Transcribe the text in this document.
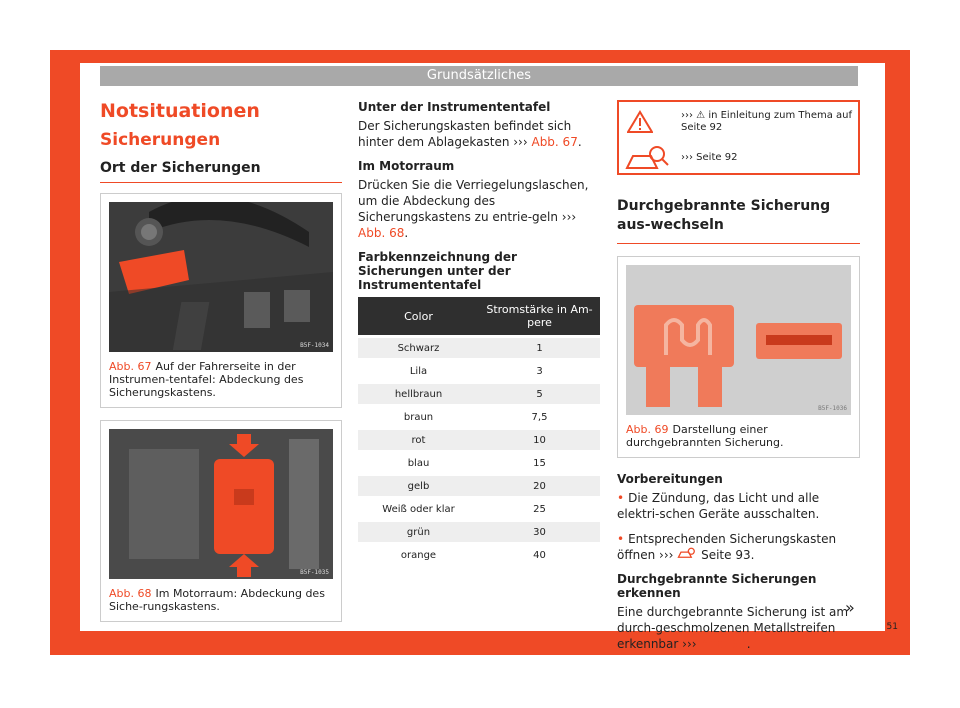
Grundsätzliches
Notsituationen
Sicherungen
Ort der Sicherungen
B5F-1034
Abb. 67 Auf der Fahrerseite in der Instrumen-tentafel: Abdeckung des Sicherungskastens.
B5F-1035
Abb. 68 Im Motorraum: Abdeckung des Siche-rungskastens.
Unter der Instrumententafel

Der Sicherungskasten befindet sich hinter dem Ablagekasten ››› Abb. 67.

Im Motorraum

Drücken Sie die Verriegelungslaschen, um die Abdeckung des Sicherungskastens zu entrie-geln ››› Abb. 68.

Farbkennzeichnung der Sicherungen unter der Instrumententafel
Color	Stromstärke in Am-pere
Schwarz	1
Lila	3
hellbraun	5
braun	7,5
rot	10
blau	15
gelb	20
Weiß oder klar	25
grün	30
orange	40
››› ⚠ in Einleitung zum Thema auf
Seite 92
››› Seite 92
Durchgebrannte Sicherung aus-wechseln
B5F-1036
Abb. 69 Darstellung einer durchgebrannten Sicherung.
Vorbereitungen
• Die Zündung, das Licht und alle elektri-schen Geräte ausschalten.
• Entsprechenden Sicherungskasten öffnen ››› Seite 93.
Durchgebrannte Sicherungen erkennen

Eine durchgebrannte Sicherung ist am durch-geschmolzenen Metallstreifen erkennbar ››› Abb. 69.

»
51
